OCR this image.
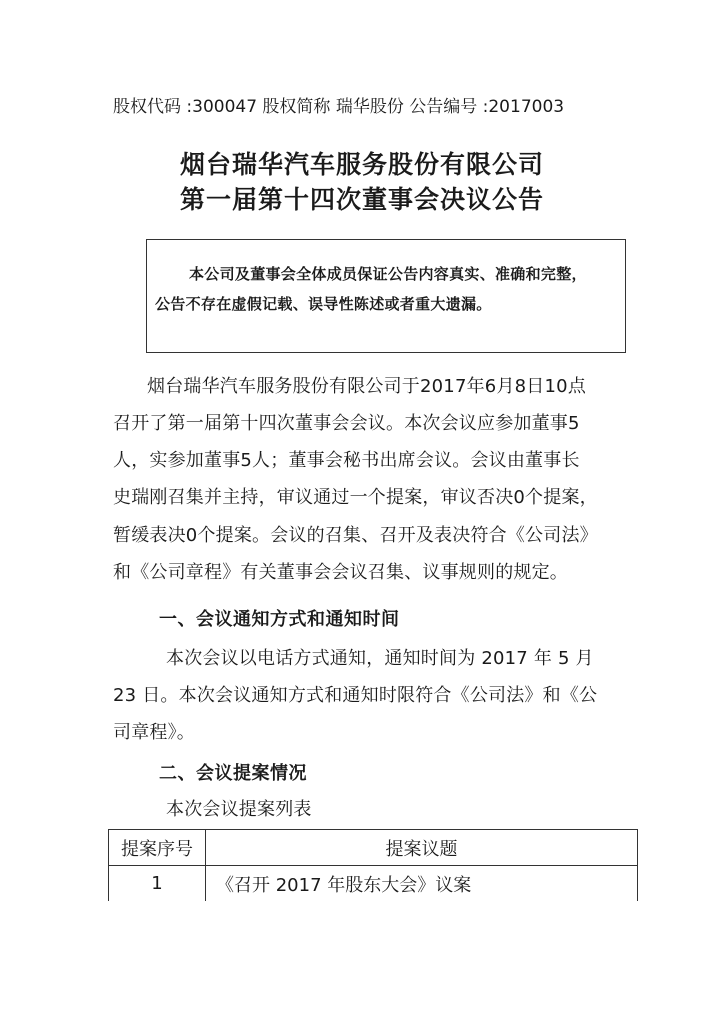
股权代码 :300047 股权简称 瑞华股份 公告编号 :2017003
烟台瑞华汽车服务股份有限公司
第一届第十四次董事会决议公告
本公司及董事会全体成员保证公告内容真实、准确和完整，
公告不存在虚假记载、误导性陈述或者重大遗漏。
烟台瑞华汽车服务股份有限公司于2017年6月8日10点
召开了第一届第十四次董事会会议。本次会议应参加董事5
人，实参加董事5人；董事会秘书出席会议。会议由董事长
史瑞刚召集并主持，审议通过一个提案，审议否决0个提案，
暂缓表决0个提案。会议的召集、召开及表决符合《公司法》
和《公司章程》有关董事会会议召集、议事规则的规定。
一、会议通知方式和通知时间
本次会议以电话方式通知，通知时间为 2017 年 5 月
23 日。本次会议通知方式和通知时限符合《公司法》和《公
司章程》。
二、会议提案情况
本次会议提案列表
提案序号	提案议题
1	《召开 2017 年股东大会》议案
